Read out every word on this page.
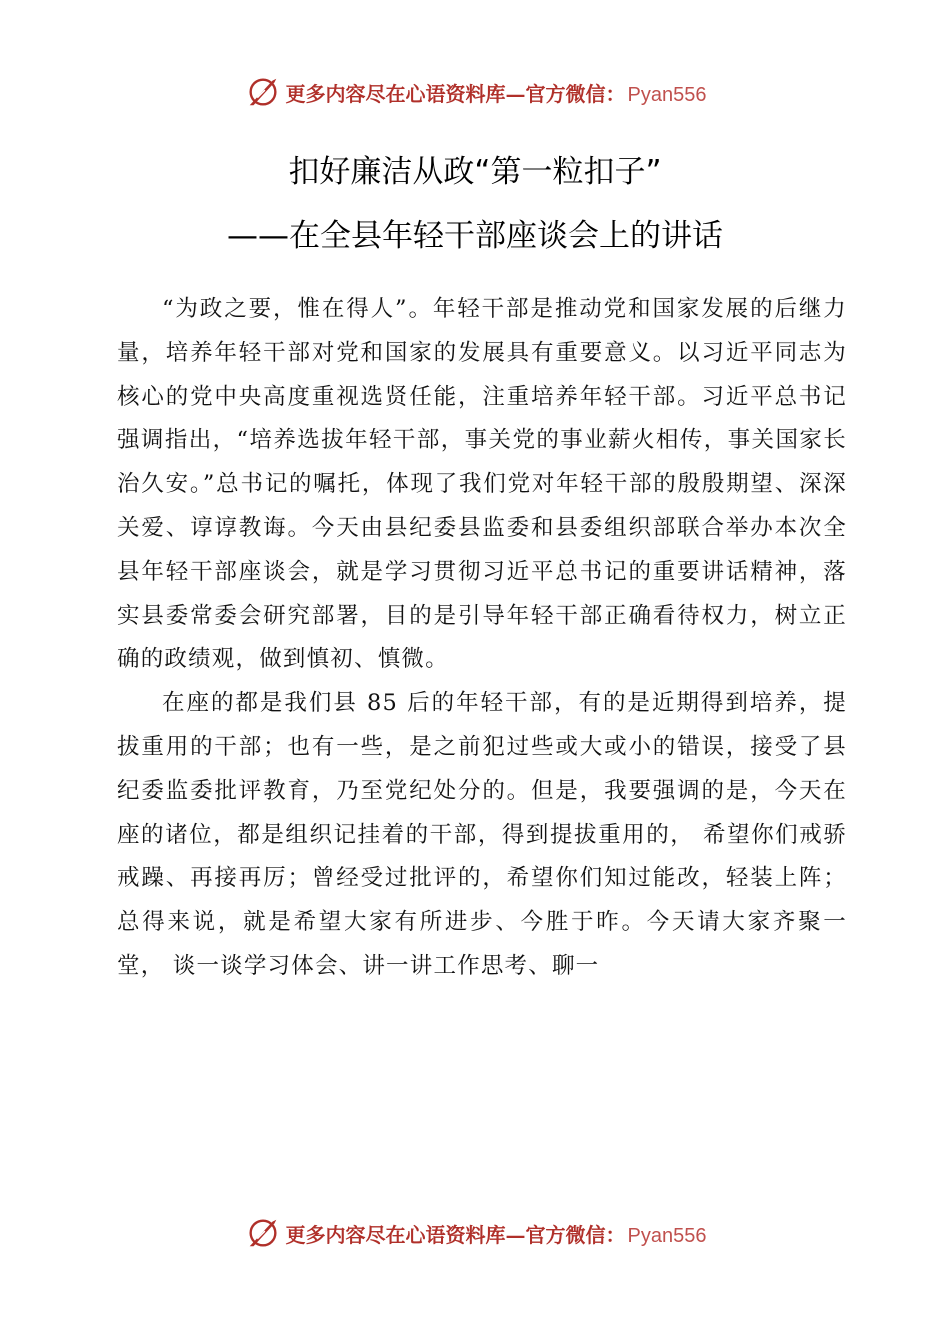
更多内容尽在心语资料库—官方微信： Pyan556
扣好廉洁从政“第一粒扣子”
——在全县年轻干部座谈会上的讲话

“为政之要，惟在得人”。年轻干部是推动党和国家发展的后继力量，培养年轻干部对党和国家的发展具有重要意义。以习近平同志为核心的党中央高度重视选贤任能，注重培养年轻干部。习近平总书记强调指出，“培养选拔年轻干部，事关党的事业薪火相传，事关国家长治久安。”总书记的嘱托，体现了我们党对年轻干部的殷殷期望、深深关爱、谆谆教诲。今天由县纪委县监委和县委组织部联合举办本次全县年轻干部座谈会，就是学习贯彻习近平总书记的重要讲话精神，落实县委常委会研究部署，目的是引导年轻干部正确看待权力，树立正确的政绩观，做到慎初、慎微。

在座的都是我们县 85 后的年轻干部，有的是近期得到培养，提拔重用的干部；也有一些，是之前犯过些或大或小的错误，接受了县纪委监委批评教育，乃至党纪处分的。但是，我要强调的是，今天在座的诸位，都是组织记挂着的干部，得到提拔重用的， 希望你们戒骄戒躁、再接再厉；曾经受过批评的，希望你们知过能改，轻装上阵；总得来说，就是希望大家有所进步、今胜于昨。今天请大家齐聚一堂， 谈一谈学习体会、讲一讲工作思考、聊一

更多内容尽在心语资料库—官方微信： Pyan556
